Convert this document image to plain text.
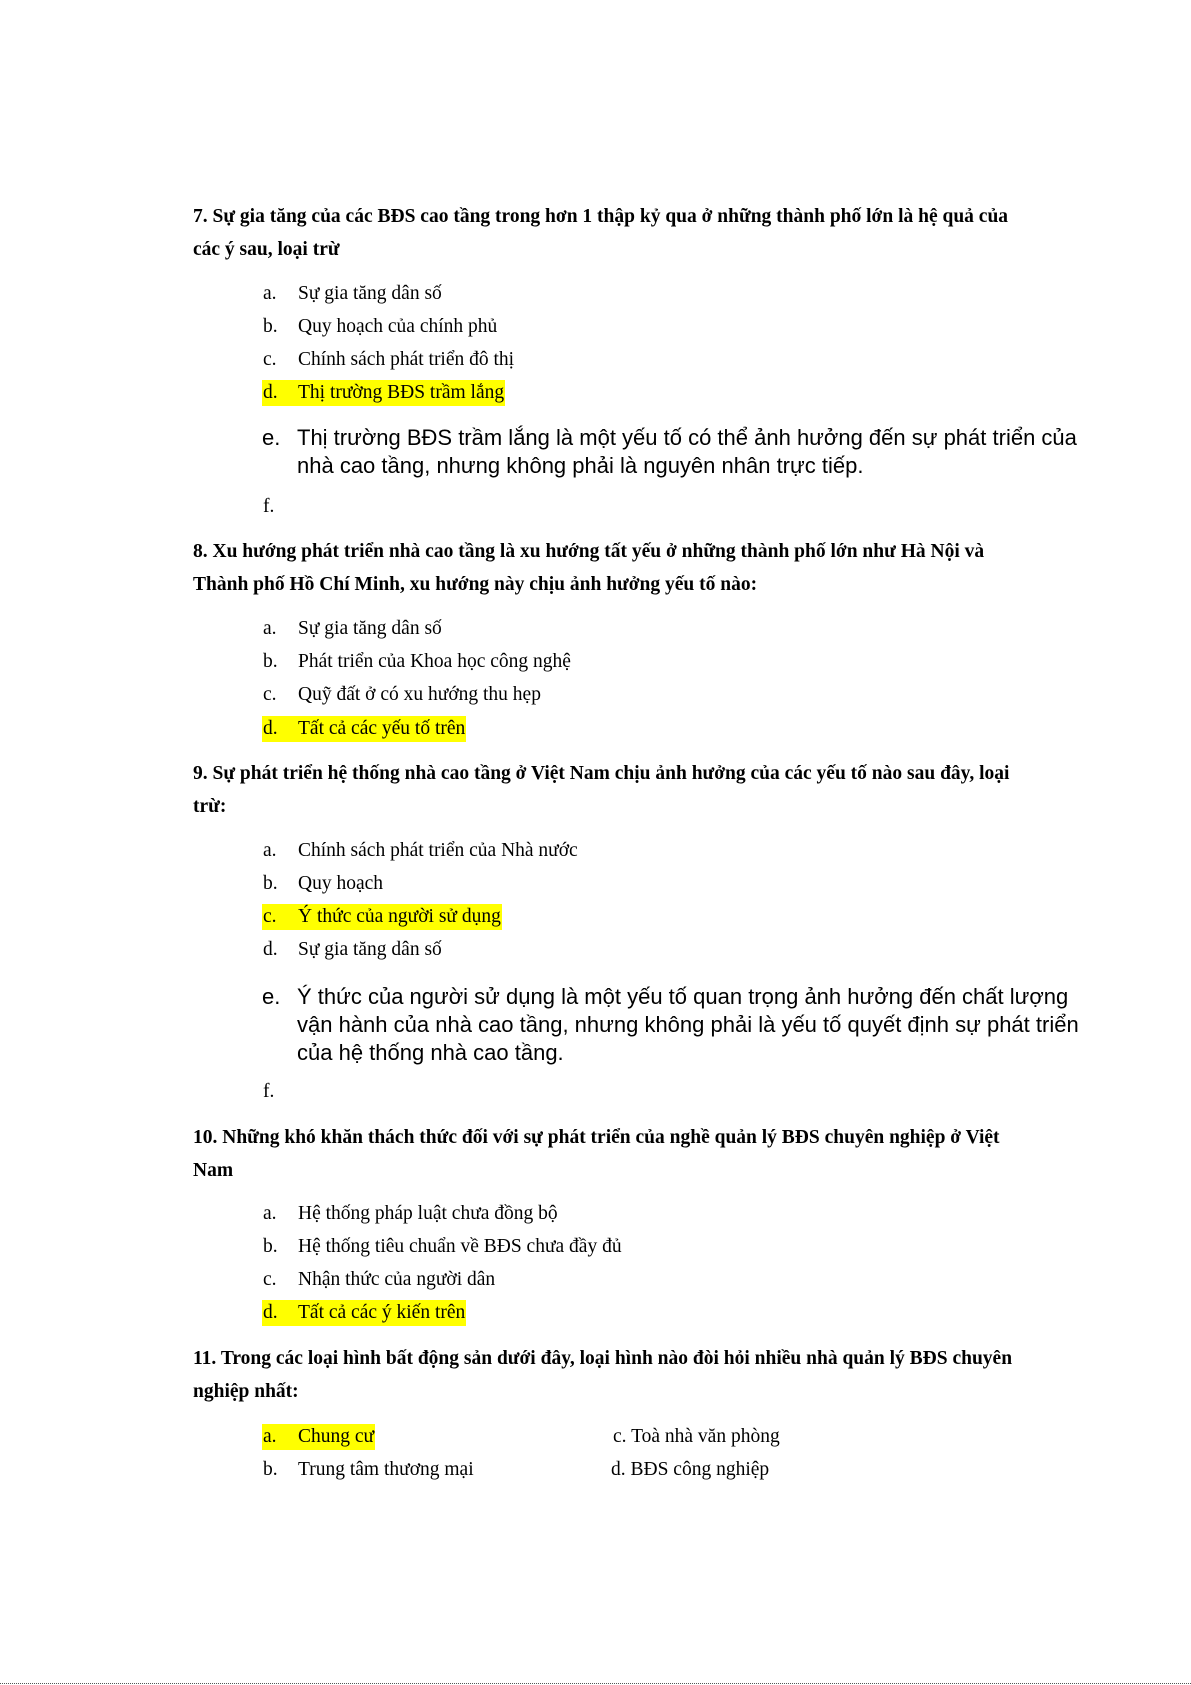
7. Sự gia tăng của các BĐS cao tầng trong hơn 1 thập kỷ qua ở những thành phố lớn là hệ quả của
các ý sau, loại trừ

a. Sự gia tăng dân số
b. Quy hoạch của chính phủ
c. Chính sách phát triển đô thị
d. Thị trường BĐS trầm lắng
e. Thị trường BĐS trầm lắng là một yếu tố có thể ảnh hưởng đến sự phát triển của nhà cao tầng, nhưng không phải là nguyên nhân trực tiếp.
f.

8. Xu hướng phát triển nhà cao tầng là xu hướng tất yếu ở những thành phố lớn như Hà Nội và
Thành phố Hồ Chí Minh, xu hướng này chịu ảnh hưởng yếu tố nào:

a. Sự gia tăng dân số
b. Phát triển của Khoa học công nghệ
c. Quỹ đất ở có xu hướng thu hẹp
d. Tất cả các yếu tố trên

9. Sự phát triển hệ thống nhà cao tầng ở Việt Nam chịu ảnh hưởng của các yếu tố nào sau đây, loại
trừ:

a. Chính sách phát triển của Nhà nước
b. Quy hoạch
c. Ý thức của người sử dụng
d. Sự gia tăng dân số
e. Ý thức của người sử dụng là một yếu tố quan trọng ảnh hưởng đến chất lượng vận hành của nhà cao tầng, nhưng không phải là yếu tố quyết định sự phát triển của hệ thống nhà cao tầng.
f.

10. Những khó khăn thách thức đối với sự phát triển của nghề quản lý BĐS chuyên nghiệp ở Việt
Nam

a. Hệ thống pháp luật chưa đồng bộ
b. Hệ thống tiêu chuẩn về BĐS chưa đầy đủ
c. Nhận thức của người dân
d. Tất cả các ý kiến trên

11. Trong các loại hình bất động sản dưới đây, loại hình nào đòi hỏi nhiều nhà quản lý BĐS chuyên
nghiệp nhất:

a. Chung cư
b. Trung tâm thương mại
c. Toà nhà văn phòng
d. BĐS công nghiệp
